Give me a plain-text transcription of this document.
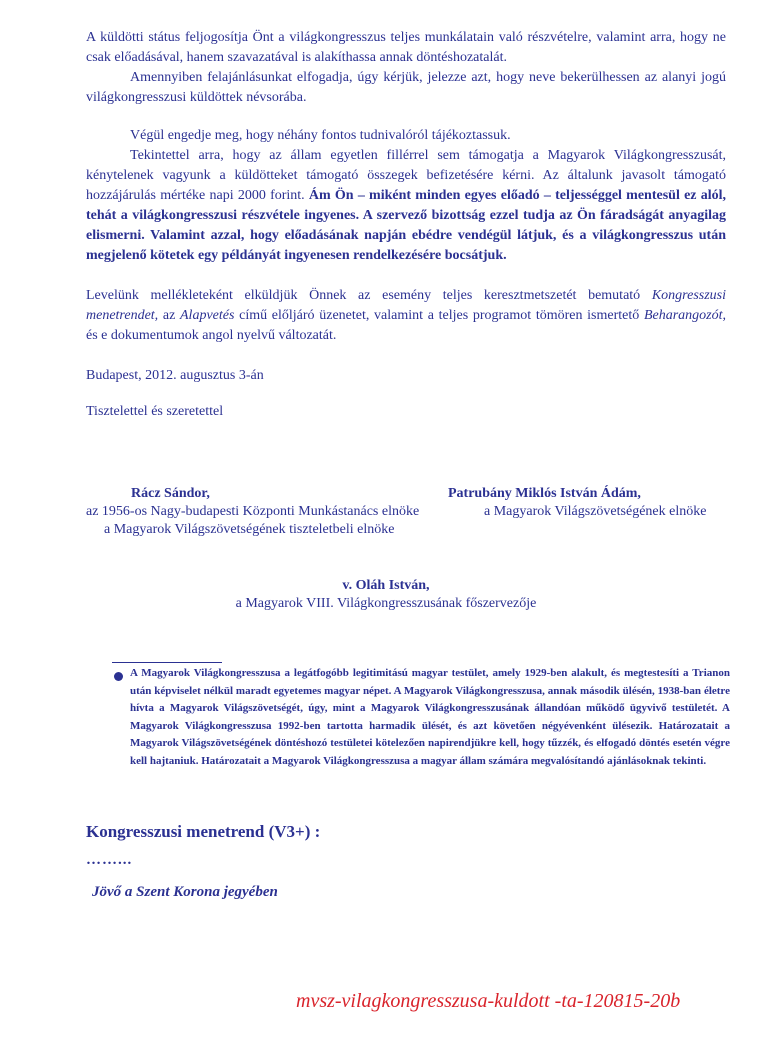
A küldötti státus feljogosítja Önt a világkongresszus teljes munkálatain való részvételre, valamint arra, hogy ne csak előadásával, hanem szavazatával is alakíthassa annak döntéshozatalát.

Amennyiben felajánlásunkat elfogadja, úgy kérjük, jelezze azt, hogy neve bekerülhessen az alanyi jogú világkongresszusi küldöttek névsorába.

Végül engedje meg, hogy néhány fontos tudnivalóról tájékoztassuk.

Tekintettel arra, hogy az állam egyetlen fillérrel sem támogatja a Magyarok Világkongresszusát, kénytelenek vagyunk a küldötteket támogató összegek befizetésére kérni. Az általunk javasolt támogató hozzájárulás mértéke napi 2000 forint. Ám Ön – miként minden egyes előadó – teljességgel mentesül ez alól, tehát a világkongresszusi részvétele ingyenes. A szervező bizottság ezzel tudja az Ön fáradságát anyagilag elismerni. Valamint azzal, hogy előadásának napján ebédre vendégül látjuk, és a világkongresszus után megjelenő kötetek egy példányát ingyenesen rendelkezésére bocsátjuk.

Levelünk mellékleteként elküldjük Önnek az esemény teljes keresztmetszetét bemutató Kongresszusi menetrendet, az Alapvetés című előljáró üzenetet, valamint a teljes programot tömören ismertető Beharangozót, és e dokumentumok angol nyelvű változatát.

Budapest, 2012. augusztus 3-án
Tisztelettel és szeretettel
Rácz Sándor,
az 1956-os Nagy-budapesti Központi Munkástanács elnöke
a Magyarok Világszövetségének tiszteletbeli elnöke
Patrubány Miklós István Ádám,
a Magyarok Világszövetségének elnöke
v. Oláh István,
a Magyarok VIII. Világkongresszusának főszervezője

A Magyarok Világkongresszusa a legátfogóbb legitimitású magyar testület, amely 1929-ben alakult, és megtestesíti a Trianon után képviselet nélkül maradt egyetemes magyar népet. A Magyarok Világkongresszusa, annak második ülésén, 1938-ban életre hívta a Magyarok Világszövetségét, úgy, mint a Magyarok Világkongresszusának állandóan működő ügyvivő testületét. A Magyarok Világkongresszusa 1992-ben tartotta harmadik ülését, és azt követően négyévenként ülésezik. Határozatait a Magyarok Világszövetségének döntéshozó testületei kötelezően napirendjükre kell, hogy tűzzék, és elfogadó döntés esetén végre kell hajtaniuk. Határozatait a Magyarok Világkongresszusa a magyar állam számára megvalósítandó ajánlásoknak tekinti.

Kongresszusi menetrend (V3+) :
……...
Jövő a Szent Korona jegyében
mvsz-vilagkongresszusa-kuldott -ta-120815-20b
